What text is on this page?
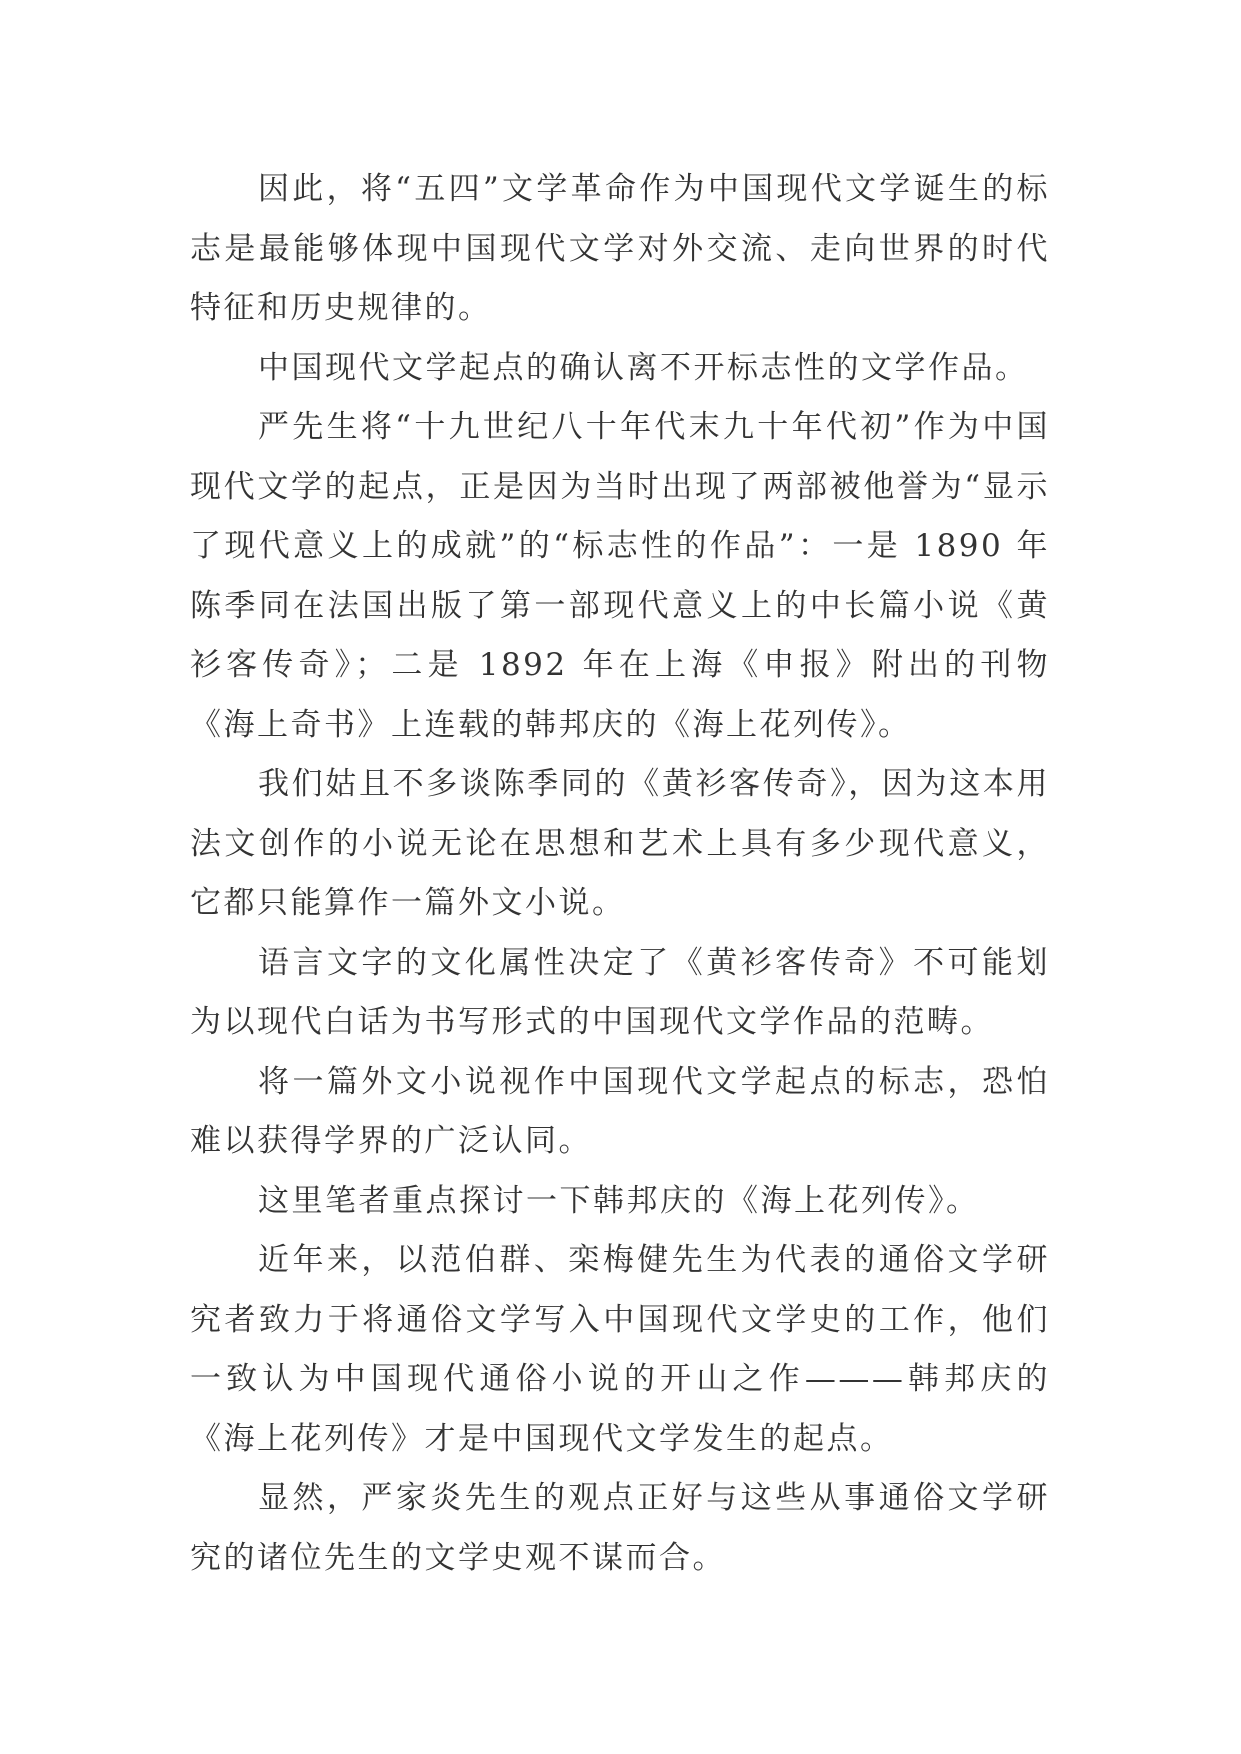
因此，将“五四”文学革命作为中国现代文学诞生的标志是最能够体现中国现代文学对外交流、走向世界的时代特征和历史规律的。

中国现代文学起点的确认离不开标志性的文学作品。

严先生将“十九世纪八十年代末九十年代初”作为中国现代文学的起点，正是因为当时出现了两部被他誉为“显示了现代意义上的成就”的“标志性的作品”：一是 1890 年陈季同在法国出版了第一部现代意义上的中长篇小说《黄衫客传奇》；二是 1892 年在上海《申报》附出的刊物《海上奇书》上连载的韩邦庆的《海上花列传》。

我们姑且不多谈陈季同的《黄衫客传奇》，因为这本用法文创作的小说无论在思想和艺术上具有多少现代意义，它都只能算作一篇外文小说。

语言文字的文化属性决定了《黄衫客传奇》不可能划为以现代白话为书写形式的中国现代文学作品的范畴。

将一篇外文小说视作中国现代文学起点的标志，恐怕难以获得学界的广泛认同。

这里笔者重点探讨一下韩邦庆的《海上花列传》。

近年来，以范伯群、栾梅健先生为代表的通俗文学研究者致力于将通俗文学写入中国现代文学史的工作，他们一致认为中国现代通俗小说的开山之作———韩邦庆的《海上花列传》才是中国现代文学发生的起点。

显然，严家炎先生的观点正好与这些从事通俗文学研究的诸位先生的文学史观不谋而合。
